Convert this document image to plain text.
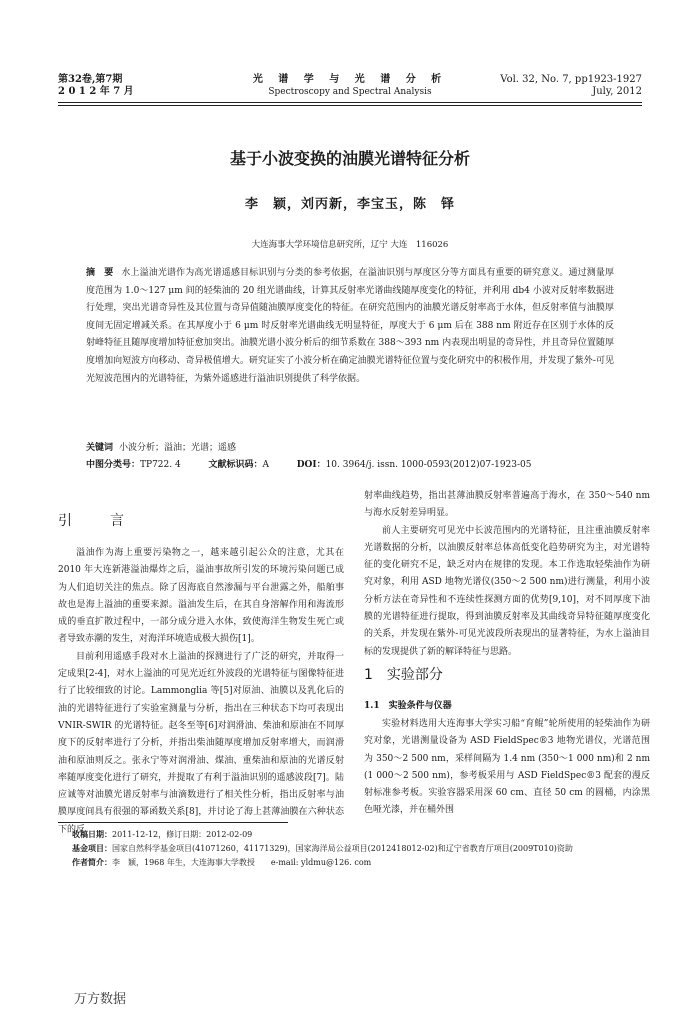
第32卷,第7期
2 0 1 2 年 7 月
光 谱 学 与 光 谱 分 析
Spectroscopy and Spectral Analysis
Vol. 32, No. 7, pp1923-1927
July, 2012
基于小波变换的油膜光谱特征分析
李　颖，刘丙新，李宝玉，陈　铎
大连海事大学环境信息研究所，辽宁 大连　116026
摘　要 水上溢油光谱作为高光谱遥感目标识别与分类的参考依据，在溢油识别与厚度区分等方面具有重要的研究意义。通过测量厚度范围为 1.0～127 μm 间的轻柴油的 20 组光谱曲线，计算其反射率光谱曲线随厚度变化的特征，并利用 db4 小波对反射率数据进行处理，突出光谱奇异性及其位置与奇异值随油膜厚度变化的特征。在研究范围内的油膜光谱反射率高于水体，但反射率值与油膜厚度间无固定增减关系。在其厚度小于 6 μm 时反射率光谱曲线无明显特征，厚度大于 6 μm 后在 388 nm 附近存在区别于水体的反射峰特征且随厚度增加特征愈加突出。油膜光谱小波分析后的细节系数在 388～393 nm 内表现出明显的奇异性，并且奇异位置随厚度增加向短波方向移动、奇异极值增大。研究证实了小波分析在确定油膜光谱特征位置与变化研究中的积极作用，并发现了紫外-可见光短波范围内的光谱特征，为紫外遥感进行溢油识别提供了科学依据。
关键词 小波分析；溢油；光谱；遥感
中图分类号：TP722. 4	文献标识码：A	DOI：10. 3964/j. issn. 1000-0593(2012)07-1923-05
引　言

溢油作为海上重要污染物之一，越来越引起公众的注意，尤其在 2010 年大连新港溢油爆炸之后，溢油事故所引发的环境污染问题已成为人们追切关注的焦点。除了因海底自然渗漏与平台泄露之外，船舶事故也是海上溢油的重要来源。溢油发生后，在其自身溶解作用和海流形成的垂直扩散过程中，一部分成分进入水体，致使海洋生物发生死亡或者导致赤潮的发生，对海洋环境造成极大损伤[1]。

目前利用遥感手段对水上溢油的探测进行了广泛的研究，并取得一定成果[2-4]，对水上溢油的可见光近红外波段的光谱特征与图像特征进行了比较细致的讨论。Lammonglia 等[5]对原油、油膜以及乳化后的油的光谱特征进行了实验室测量与分析，指出在三种状态下均可表现出 VNIR-SWIR 的光谱特征。赵冬至等[6]对润滑油、柴油和原油在不同厚度下的反射率进行了分析，并指出柴油随厚度增加反射率增大，而润滑油和原油则反之。张永宁等对润滑油、煤油、重柴油和原油的光谱反射率随厚度变化进行了研究，并提取了有利于溢油识别的遥感波段[7]。陆应诚等对油膜光谱反射率与油滴数进行了相关性分析，指出反射率与油膜厚度间具有很强的幂函数关系[8]，并讨论了海上甚薄油膜在六种状态下的反

射率曲线趋势，指出甚薄油膜反射率普遍高于海水，在 350～540 nm 与海水反射差异明显。

前人主要研究可见光中长波范围内的光谱特征，且注重油膜反射率光谱数据的分析，以油膜反射率总体高低变化趋势研究为主，对光谱特征的变化研究不足，缺乏对内在规律的发现。本工作选取轻柴油作为研究对象，利用 ASD 地物光谱仪(350～2 500 nm)进行测量，利用小波分析方法在奇异性和不连续性探测方面的优势[9,10]，对不同厚度下油膜的光谱特征进行提取，得到油膜反射率及其曲线奇异特征随厚度变化的关系，并发现在紫外-可见光波段所表现出的显著特征，为水上溢油目标的发现提供了新的解译特征与思路。

1　实验部分
1.1　实验条件与仪器

实验材料选用大连海事大学实习船“育鲲”轮所使用的轻柴油作为研究对象，光谱测量设备为 ASD FieldSpec®3 地物光谱仪，光谱范围为 350～2 500 nm，采样间隔为 1.4 nm (350～1 000 nm)和 2 nm (1 000～2 500 nm)，参考板采用与 ASD FieldSpec®3 配套的漫反射标准参考板。实验容器采用深 60 cm、直径 50 cm 的圆桶，内涂黑色哑光漆，并在桶外围

收稿日期：2011-12-12，修订日期：2012-02-09
基金项目：国家自然科学基金项目(41071260，41171329)，国家海洋局公益项目(2012418012-02)和辽宁省教育厅项目(2009T010)资助
作者简介：李　颖，1968 年生，大连海事大学教授　　e-mail: yldmu@126. com
万方数据
